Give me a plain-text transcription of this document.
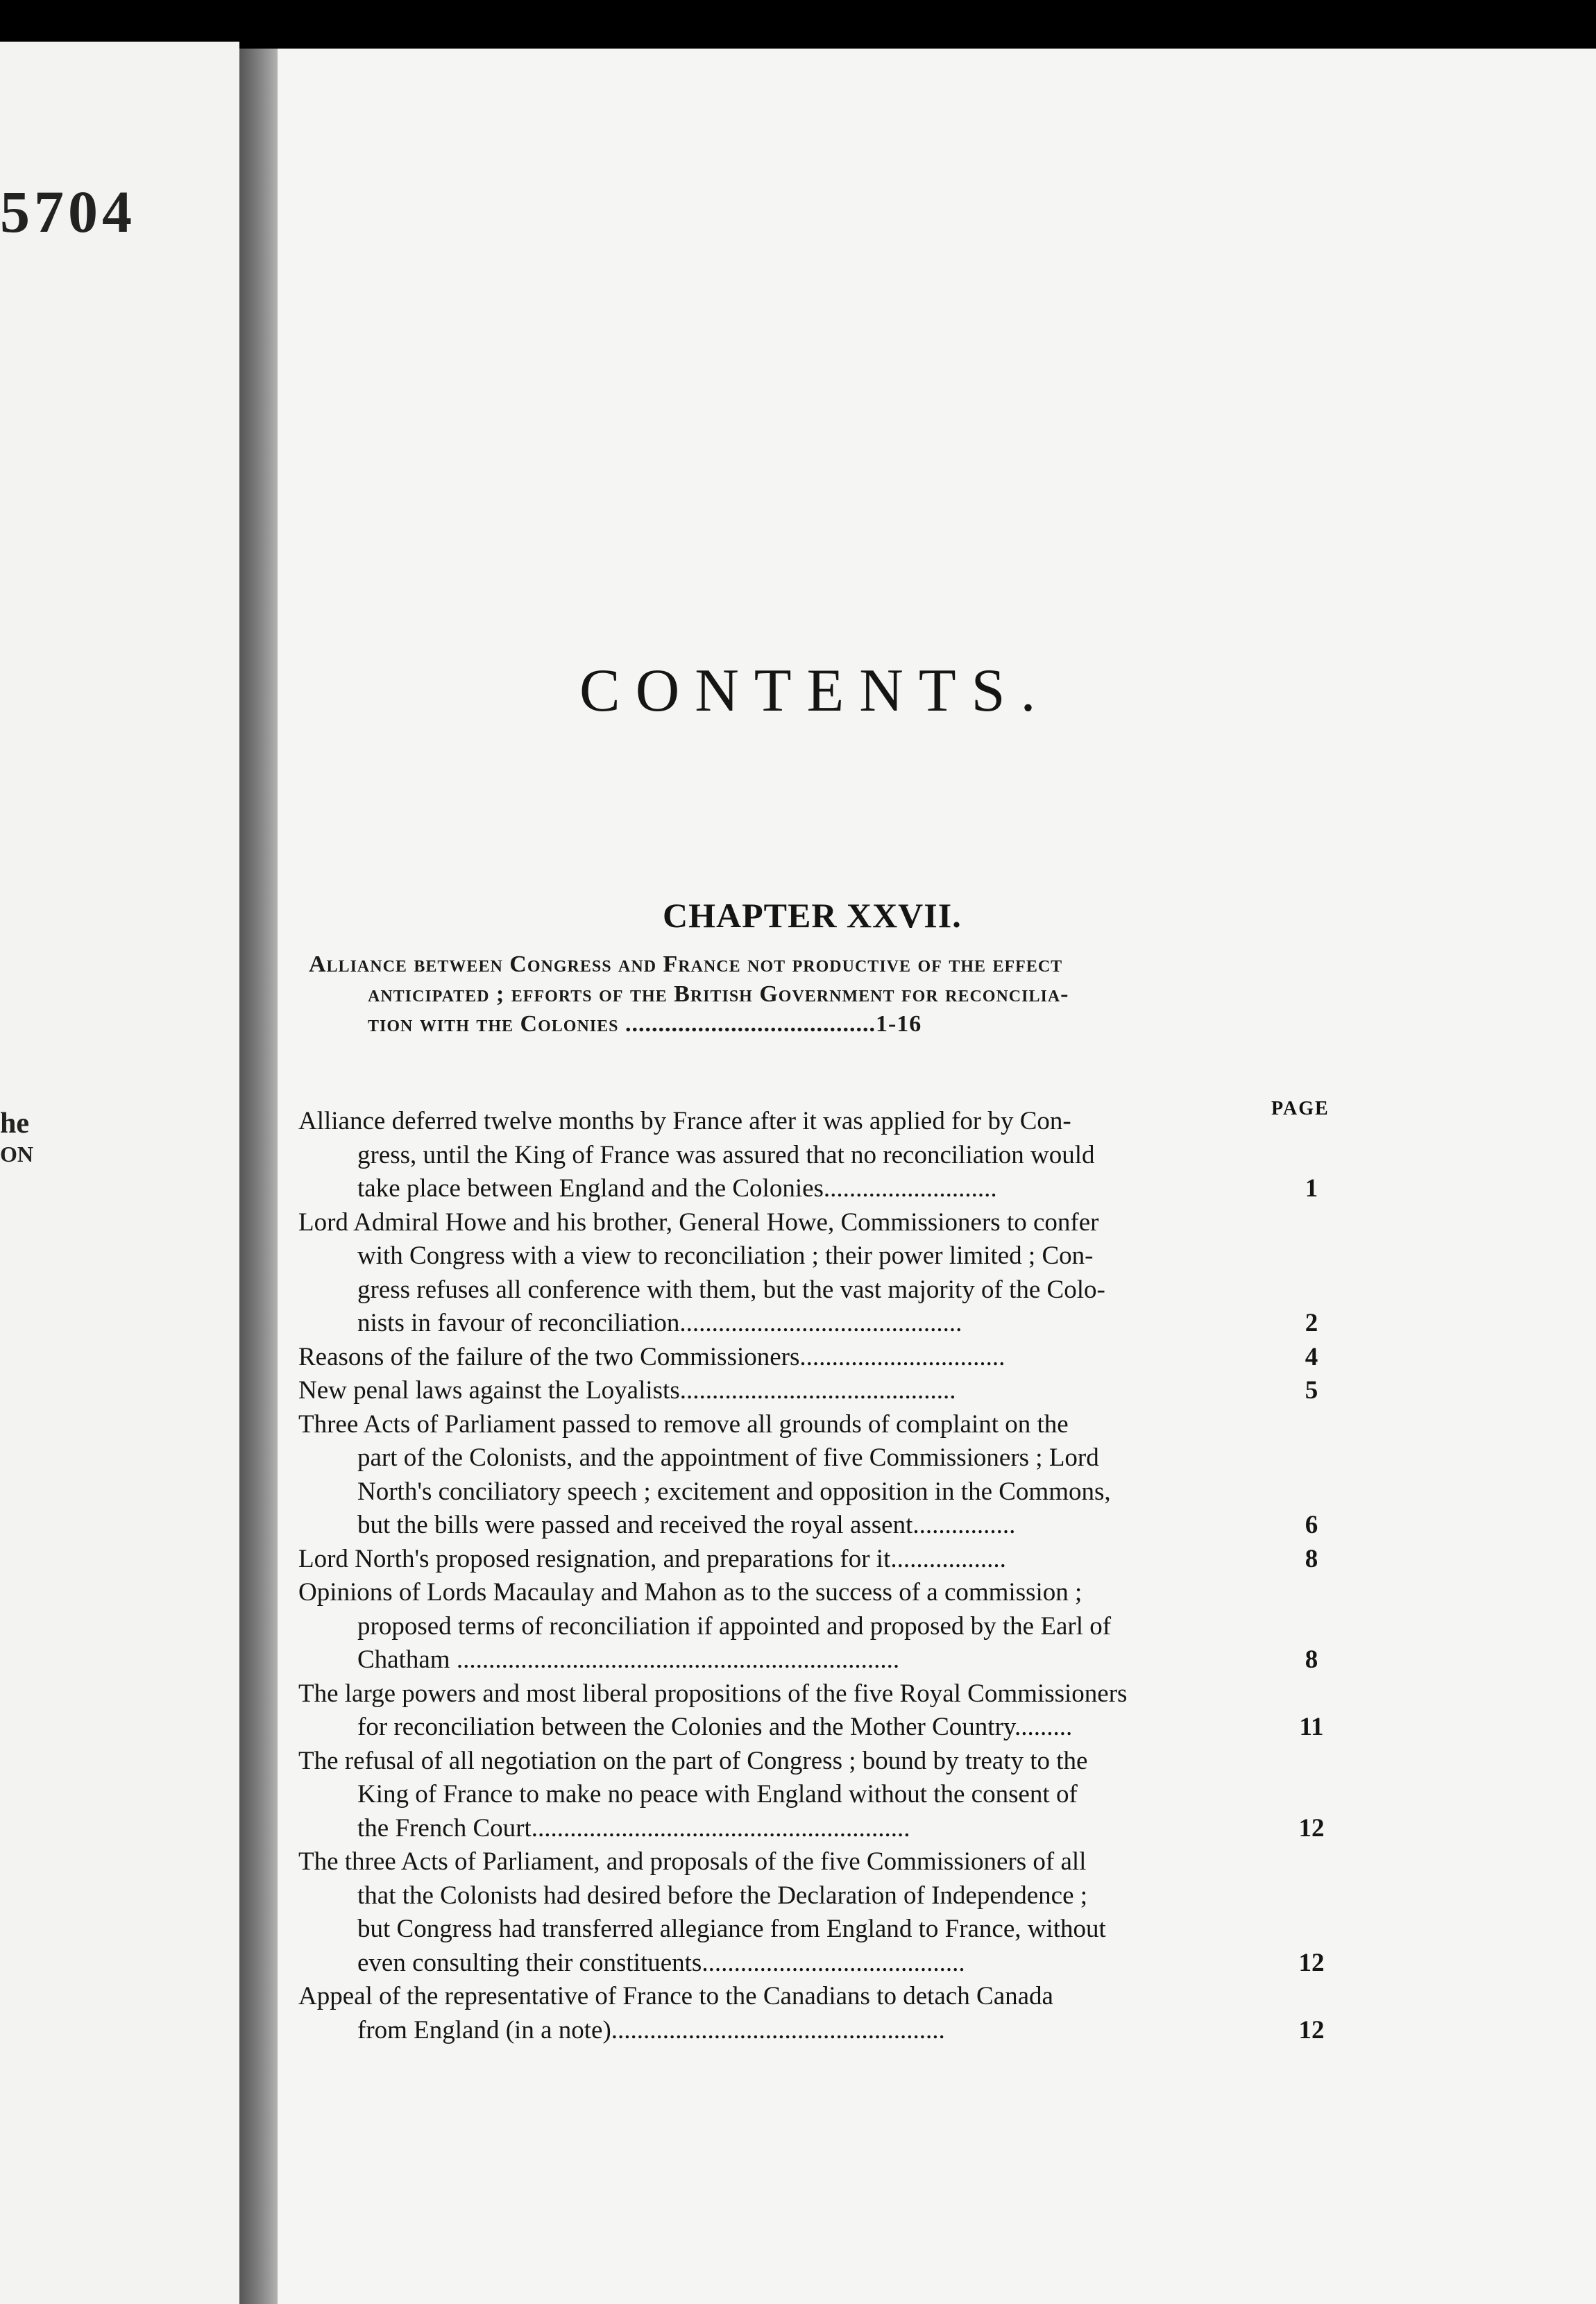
5704
he
ON
CONTENTS.
CHAPTER XXVII.
Alliance between Congress and France not productive of the effect
anticipated ; efforts of the British Government for reconcilia-
tion with the Colonies ......................................1-16
PAGE
Alliance deferred twelve months by France after it was applied for by Con-
gress, until the King of France was assured that no reconciliation would
take place between England and the Colonies...........................	1
Lord Admiral Howe and his brother, General Howe, Commissioners to confer
with Congress with a view to reconciliation ; their power limited ; Con-
gress refuses all conference with them, but the vast majority of the Colo-
nists in favour of reconciliation............................................	2
Reasons of the failure of the two Commissioners................................	4
New penal laws against the Loyalists...........................................	5
Three Acts of Parliament passed to remove all grounds of complaint on the
part of the Colonists, and the appointment of five Commissioners ; Lord
North's conciliatory speech ; excitement and opposition in the Commons,
but the bills were passed and received the royal assent................	6
Lord North's proposed resignation, and preparations for it..................	8
Opinions of Lords Macaulay and Mahon as to the success of a commission ;
proposed terms of reconciliation if appointed and proposed by the Earl of
Chatham .....................................................................	8
The large powers and most liberal propositions of the five Royal Commissioners
for reconciliation between the Colonies and the Mother Country.........	11
The refusal of all negotiation on the part of Congress ; bound by treaty to the
King of France to make no peace with England without the consent of
the French Court...........................................................	12
The three Acts of Parliament, and proposals of the five Commissioners of all
that the Colonists had desired before the Declaration of Independence ;
but Congress had transferred allegiance from England to France, without
even consulting their constituents.........................................	12
Appeal of the representative of France to the Canadians to detach Canada
from England (in a note)....................................................	12
